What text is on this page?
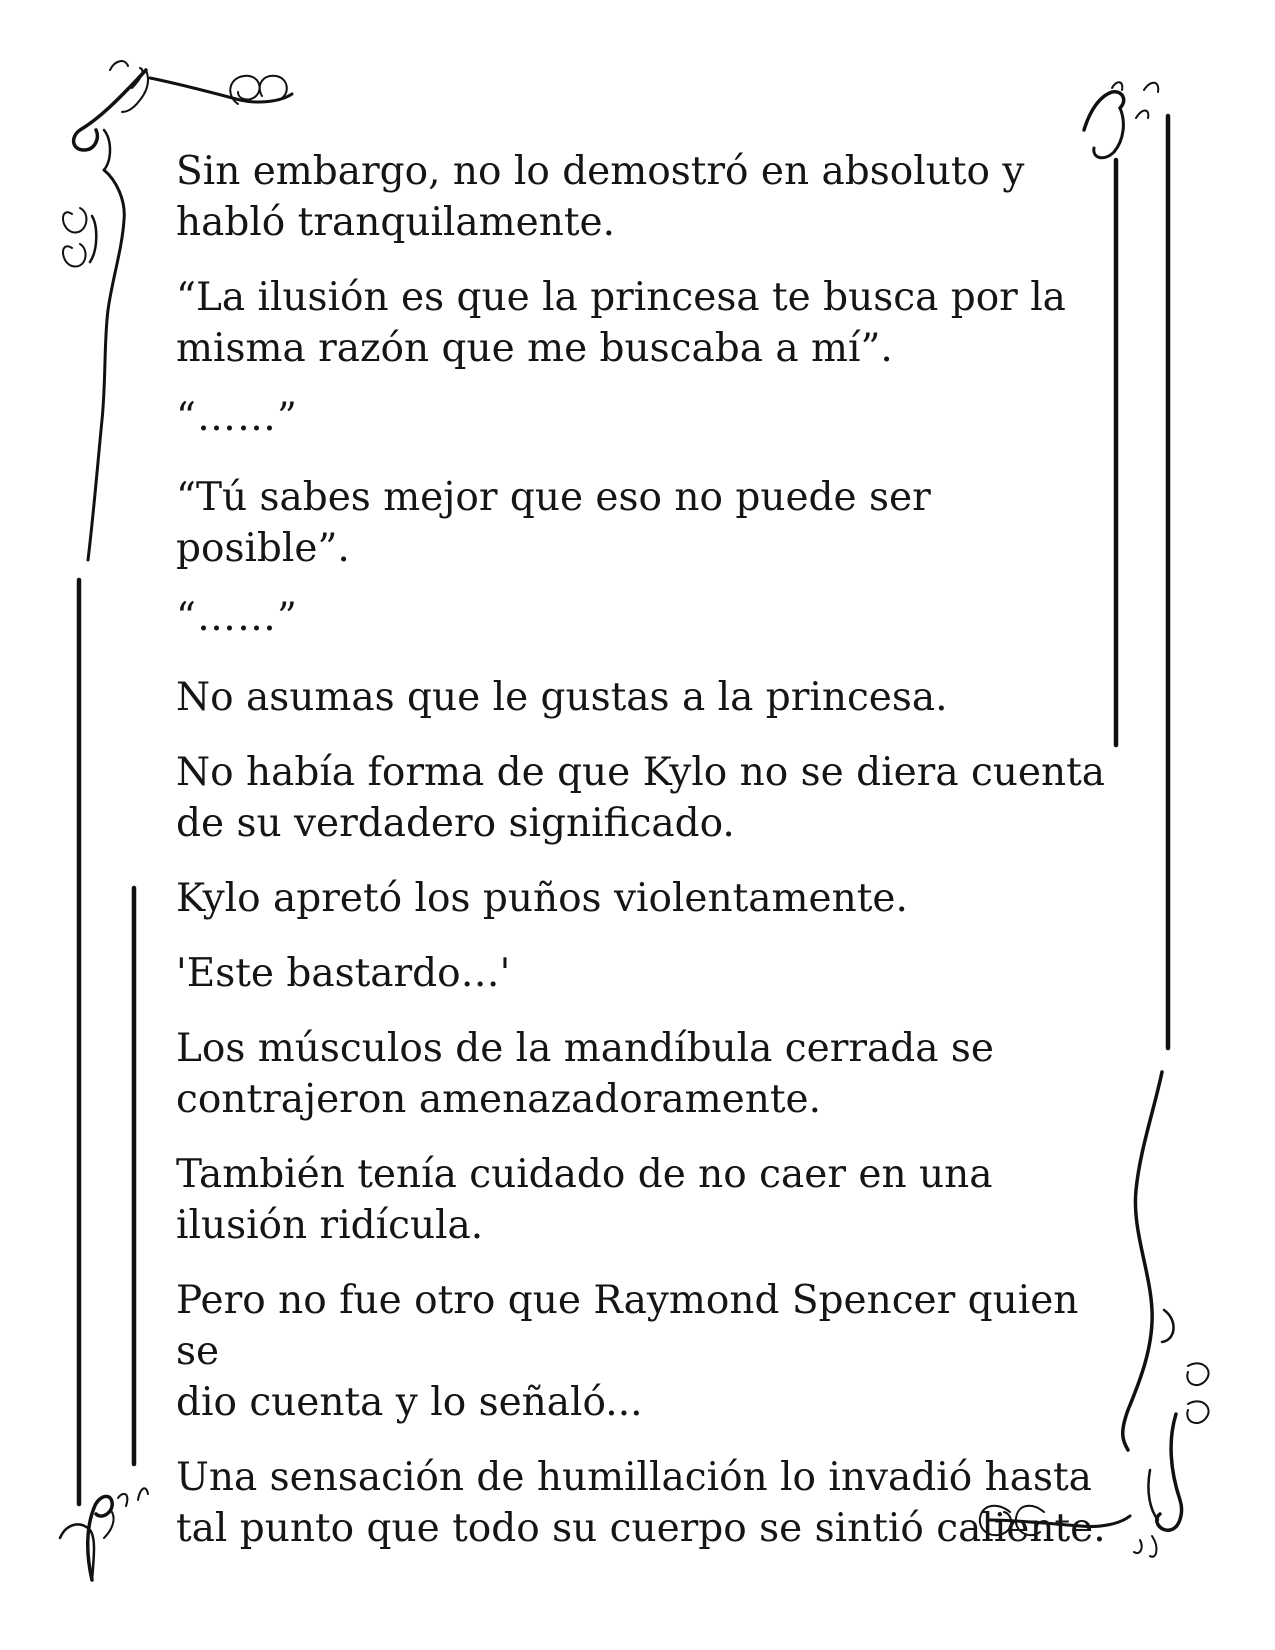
Sin embargo, no lo demostró en absoluto y
habló tranquilamente.

“La ilusión es que la princesa te busca por la
misma razón que me buscaba a mí”.

“……”

“Tú sabes mejor que eso no puede ser posible”.

“……”

No asumas que le gustas a la princesa.

No había forma de que Kylo no se diera cuenta
de su verdadero significado.

Kylo apretó los puños violentamente.

'Este bastardo…'

Los músculos de la mandíbula cerrada se
contrajeron amenazadoramente.

También tenía cuidado de no caer en una
ilusión ridícula.

Pero no fue otro que Raymond Spencer quien se
dio cuenta y lo señaló...

Una sensación de humillación lo invadió hasta
tal punto que todo su cuerpo se sintió caliente.
